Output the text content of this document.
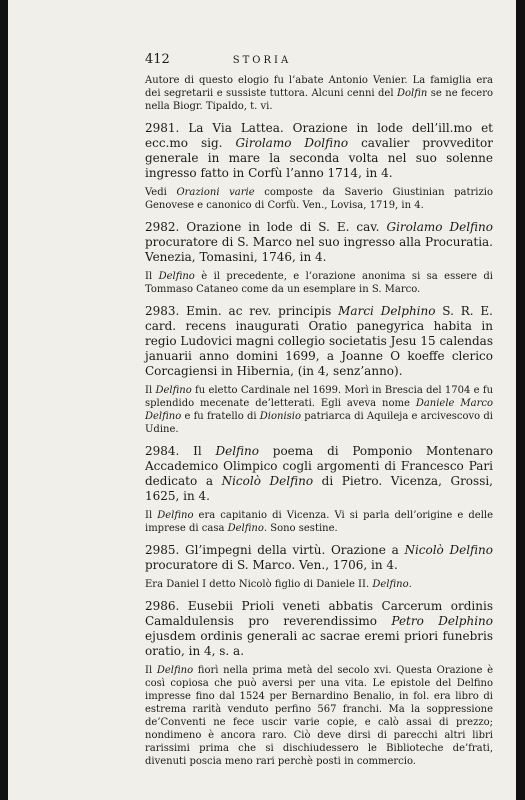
412	STORIA

Autore di questo elogio fu l’abate Antonio Venier. La famiglia era dei segretarii e sussiste tuttora. Alcuni cenni del Dolfin se ne fecero nella Biogr. Tipaldo, t. vi.

2981. La Via Lattea. Orazione in lode dell’ill.mo et ecc.mo sig. Girolamo Dolfino cavalier provveditor generale in mare la seconda volta nel suo solenne ingresso fatto in Corfù l’anno 1714, in 4.

Vedi Orazioni varie composte da Saverio Giustinian patrizio Genovese e canonico di Corfù. Ven., Lovisa, 1719, in 4.

2982. Orazione in lode di S. E. cav. Girolamo Delfino procuratore di S. Marco nel suo ingresso alla Procuratia. Venezia, Tomasini, 1746, in 4.

Il Delfino è il precedente, e l’orazione anonima si sa essere di Tommaso Cataneo come da un esemplare in S. Marco.

2983. Emin. ac rev. principis Marci Delphino S. R. E. card. recens inaugurati Oratio panegyrica habita in regio Ludovici magni collegio societatis Jesu 15 calendas januarii anno domini 1699, a Joanne O koeffe clerico Corcagiensi in Hibernia, (in 4, senz’anno).

Il Delfino fu eletto Cardinale nel 1699. Morì in Brescia del 1704 e fu splendido mecenate de’letterati. Egli aveva nome Daniele Marco Delfino e fu fratello di Dionisio patriarca di Aquileja e arcivescovo di Udine.

2984. Il Delfino poema di Pomponio Montenaro Accademico Olimpico cogli argomenti di Francesco Pari dedicato a Nicolò Delfino di Pietro. Vicenza, Grossi, 1625, in 4.

Il Delfino era capitanio di Vicenza. Vi si parla dell’origine e delle imprese di casa Delfino. Sono sestine.

2985. Gl’impegni della virtù. Orazione a Nicolò Delfino procuratore di S. Marco. Ven., 1706, in 4.

Era Daniel I detto Nicolò figlio di Daniele II. Delfino.

2986. Eusebii Prioli veneti abbatis Carcerum ordinis Camaldulensis pro reverendissimo Petro Delphino ejusdem ordinis generali ac sacrae eremi priori funebris oratio, in 4, s. a.

Il Delfino fiorì nella prima metà del secolo xvi. Questa Orazione è così copiosa che può aversi per una vita. Le epistole del Delfino impresse fino dal 1524 per Bernardino Benalio, in fol. era libro di estrema rarità venduto perfino 567 franchi. Ma la soppressione de’Conventi ne fece uscir varie copie, e calò assai di prezzo; nondimeno è ancora raro. Ciò deve dirsi di parecchi altri libri rarissimi prima che si dischiudessero le Biblioteche de’frati, divenuti poscia meno rari perchè posti in commercio.
